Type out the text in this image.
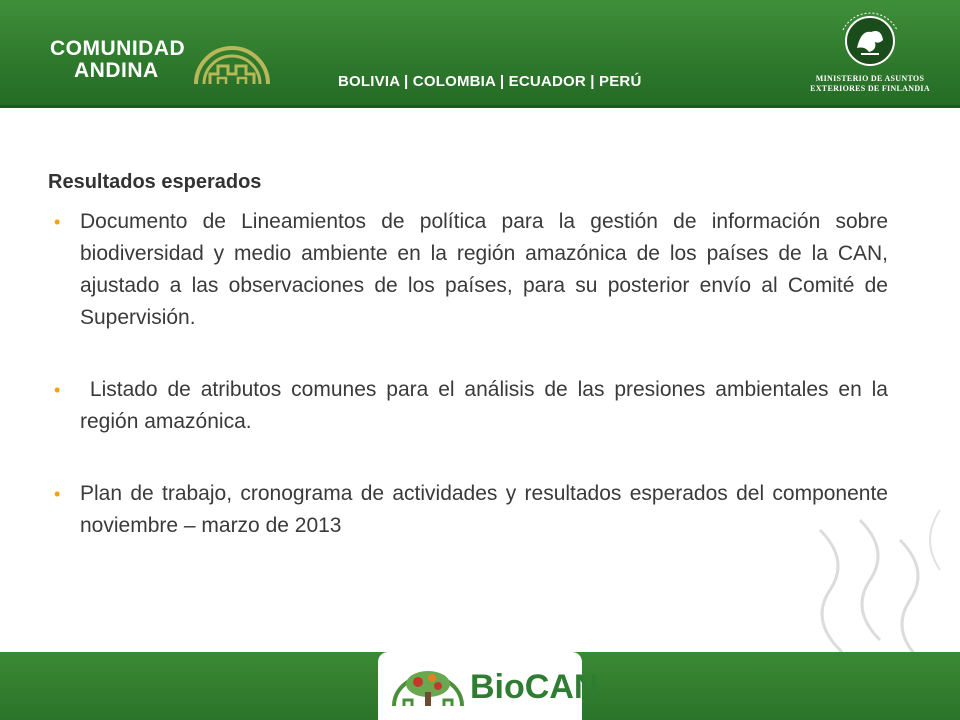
COMUNIDAD
ANDINA	BOLIVIA | COLOMBIA | ECUADOR | PERÚ	MINISTERIO DE ASUNTOS
EXTERIORES DE FINLANDIA
Resultados esperados
• Documento de Lineamientos de política para la gestión de información sobre biodiversidad y medio ambiente en la región amazónica de los países de la CAN, ajustado a las observaciones de los países, para su posterior envío al Comité de Supervisión.
• Listado de atributos comunes para el análisis de las presiones ambientales en la región amazónica.
• Plan de trabajo, cronograma de actividades y resultados esperados del componente noviembre – marzo de 2013
BioCAN
